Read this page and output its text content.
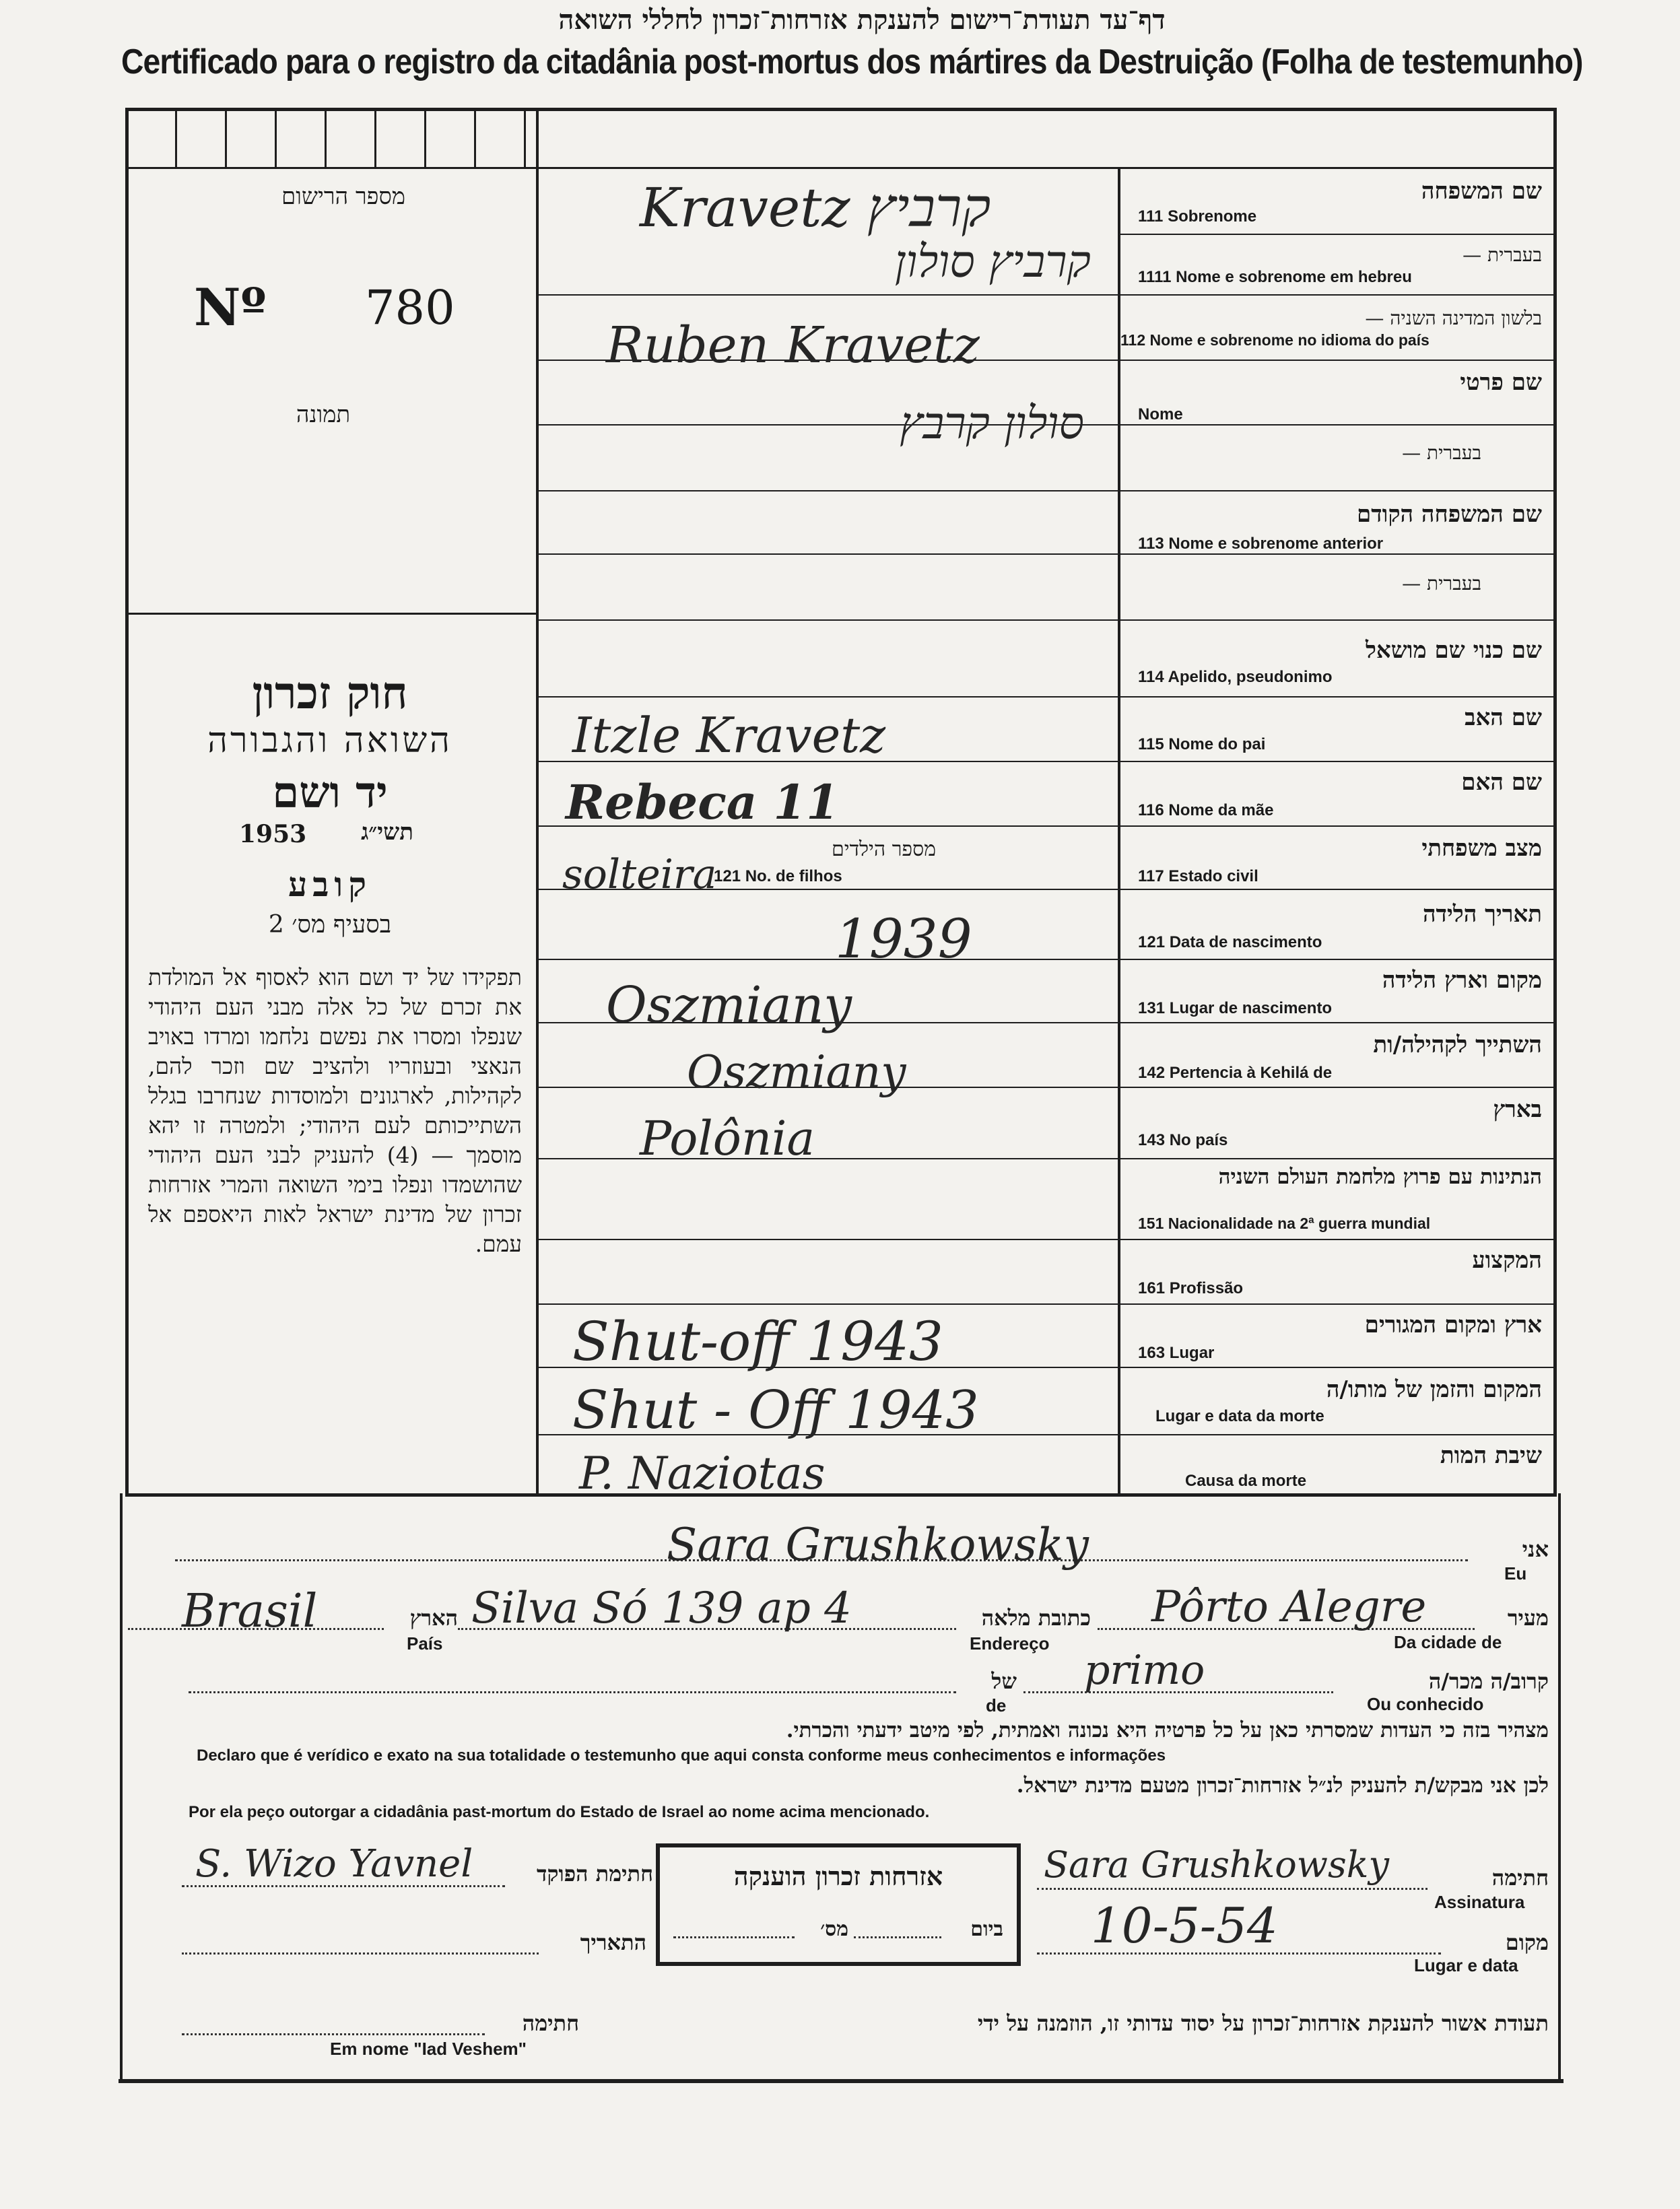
דף־עד תעודת־רישום להענקת אזרחות־זכרון לחללי השואה
Certificado para o registro da citadânia post-mortus dos mártires da Destruição (Folha de testemunho)
מספר הרישום
Nº 780
תמונה
חוק זכרון
השואה והגבורה
יד ושם
תשי״ג
1953
קובע
בסעיף מס׳ 2
תפקידו של יד ושם הוא לאסוף אל המולדת את זכרם של כל אלה מבני העם היהודי שנפלו ומסרו את נפשם נלחמו ומרדו באויב הנאצי ובעוזריו ולהציב שם וזכר להם, לקהילות, לארגונים ולמוסדות שנחרבו בגלל השתייכותם לעם היהודי; ולמטרה זו יהא מוסמך — (4) להעניק לבני העם היהודי שהושמדו ונפלו בימי השואה והמרי אזרחות זכרון של מדינת ישראל לאות היאספם אל עמם.
שם המשפחה
111 Sobrenome
בעברית —
1111 Nome e sobrenome em hebreu
בלשון המדינה השניה —
112 Nome e sobrenome no idioma do país
שם פרטי
Nome
בעברית —
שם המשפחה הקודם
113 Nome e sobrenome anterior
בעברית —
שם כנוי שם מושאל
114 Apelido, pseudonimo
שם האב
115 Nome do pai
שם האם
116 Nome da mãe
מצב משפחתי
117 Estado civil
תאריך הלידה
121 Data de nascimento
מקום וארץ הלידה
131 Lugar de nascimento
השתייך לקהילה/ות
142 Pertencia à Kehilá de
בארץ
143 No país
הנתינות עם פרוץ מלחמת העולם השניה
151 Nacionalidade na 2ª guerra mundial
המקצוע
161 Profissão
ארץ ומקום המגורים
163 Lugar
המקום והזמן של מותו/ה
Lugar e data da morte
שיבת המות
Causa da morte
מספר הילדים
121 No. de filhos
Kravetz קרביץ
קרביץ סולון
Ruben Kravetz
סולון קרבץ
Itzle Kravetz
Rebeca 11
solteira
1939
Oszmiany
Oszmiany
Polônia
Shut-off 1943
Shut - Off 1943
P. Naziotas
אני
Eu
Sara Grushkowsky
מעיר
Da cidade de
Pôrto Alegre
כתובת מלאה
Endereço
Silva Só 139 ap 4
הארץ
País
Brasil
קרוב/ה מכר/ה
Ou conhecido
primo
של
de
מצהיר בזה כי העדות שמסרתי כאן על כל פרטיה היא נכונה ואמתית, לפי מיטב ידעתי והכרתי.
Declaro que é verídico e exato na sua totalidade o testemunho que aqui consta conforme meus conhecimentos e informações
לכן אני מבקש/ת להעניק לנ״ל אזרחות־זכרון מטעם מדינת ישראל.
Por ela peço outorgar a cidadânia past-mortum do Estado de Israel ao nome acima mencionado.
חתימת הפוקד
S. Wizo Yavnel
התאריך
אזרחות זכרון הוענקה
ביום
מס׳
חתימה
Assinatura
Sara Grushkowsky
מקום
Lugar e data
10-5-54
תעודת אשור להענקת אזרחות־זכרון על יסוד עדותי זו, הוזמנה על ידי
חתימה
Em nome "Iad Veshem"
